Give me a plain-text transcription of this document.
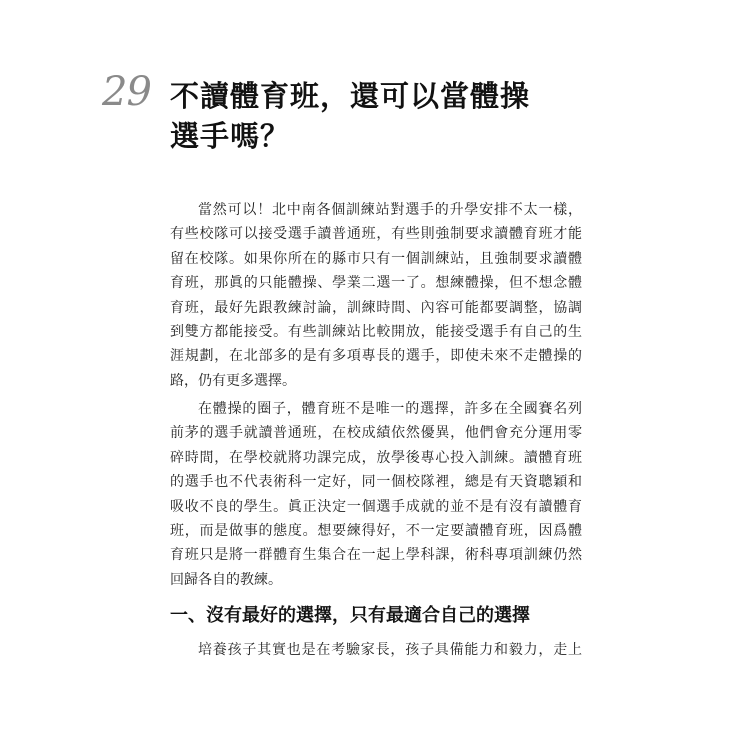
29 不讀體育班，還可以當體操
選手嗎？
當然可以！北中南各個訓練站對選手的升學安排不太一樣，
有些校隊可以接受選手讀普通班，有些則強制要求讀體育班才能
留在校隊。如果你所在的縣市只有一個訓練站，且強制要求讀體
育班，那眞的只能體操、學業二選一了。想練體操，但不想念體
育班，最好先跟教練討論，訓練時間、內容可能都要調整，協調
到雙方都能接受。有些訓練站比較開放，能接受選手有自己的生
涯規劃，在北部多的是有多項專長的選手，即使未來不走體操的
路，仍有更多選擇。
在體操的圈子，體育班不是唯一的選擇，許多在全國賽名列
前茅的選手就讀普通班，在校成績依然優異，他們會充分運用零
碎時間，在學校就將功課完成，放學後專心投入訓練。讀體育班
的選手也不代表術科一定好，同一個校隊裡，總是有天資聰穎和
吸收不良的學生。眞正決定一個選手成就的並不是有沒有讀體育
班，而是做事的態度。想要練得好，不一定要讀體育班，因爲體
育班只是將一群體育生集合在一起上學科課，術科專項訓練仍然
回歸各自的教練。
一、沒有最好的選擇，只有最適合自己的選擇
培養孩子其實也是在考驗家長，孩子具備能力和毅力，走上
